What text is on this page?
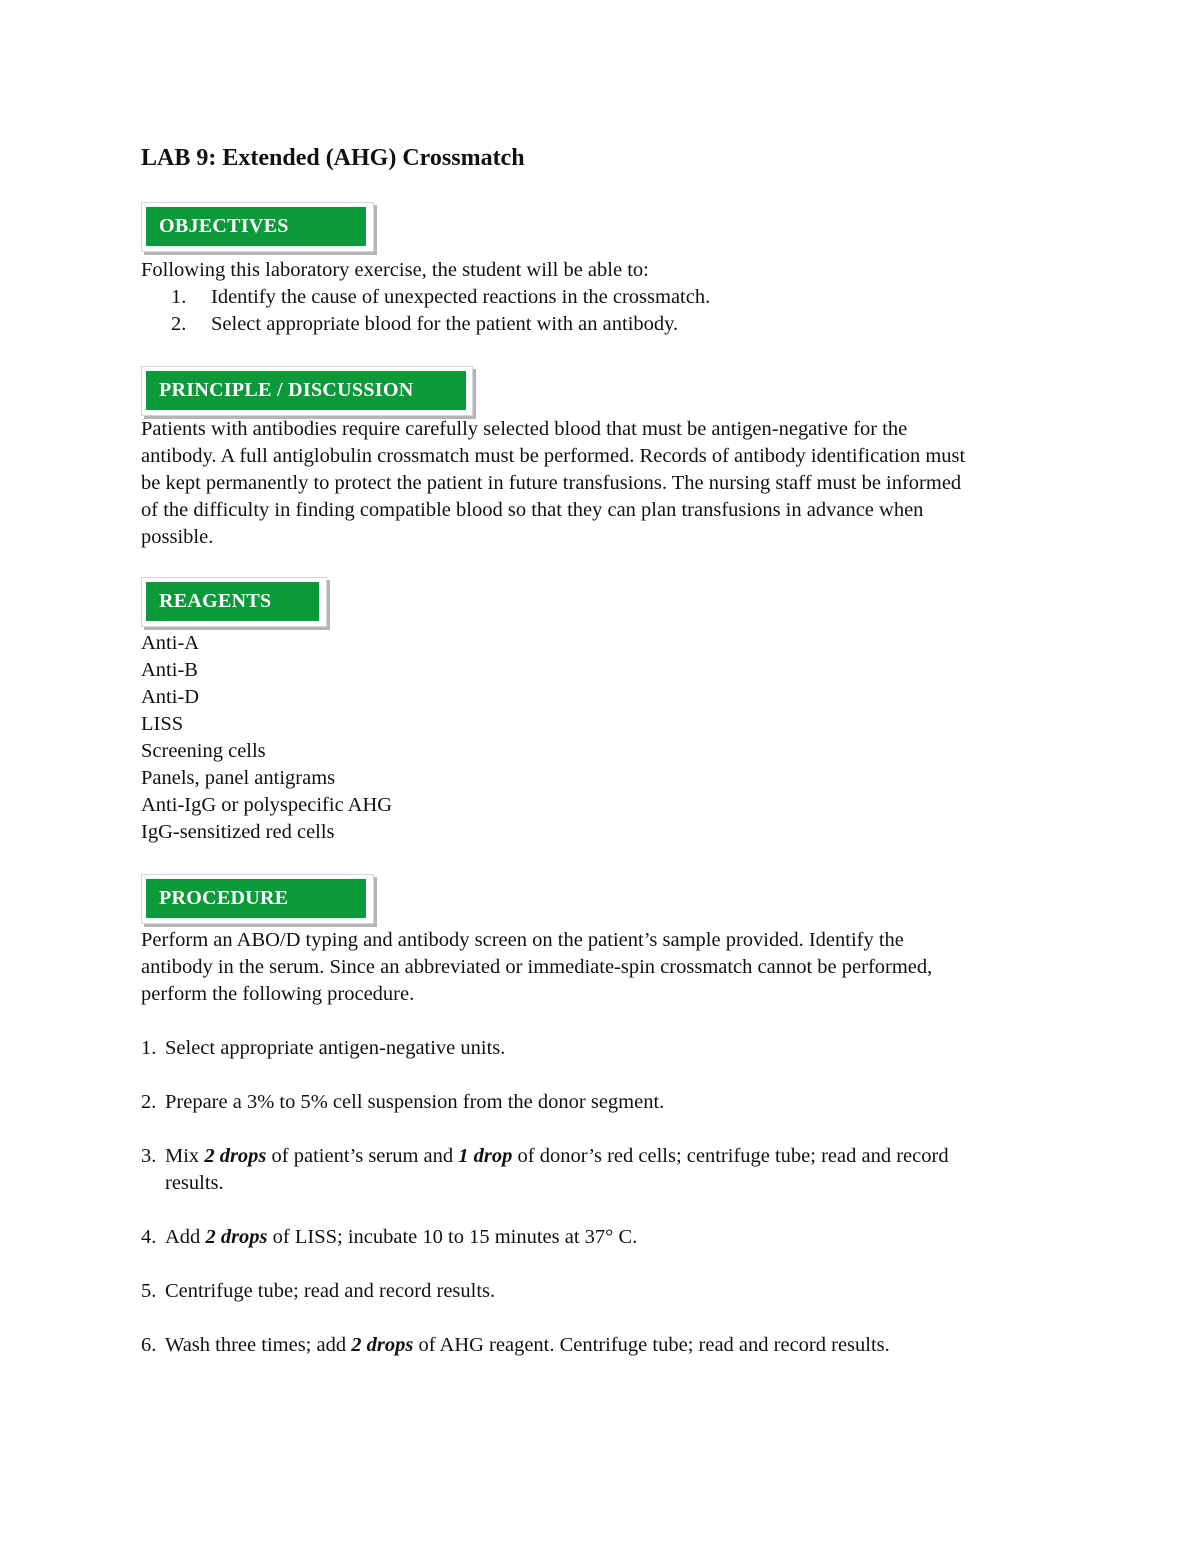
LAB 9: Extended (AHG) Crossmatch
OBJECTIVES

Following this laboratory exercise, the student will be able to:

1.	Identify the cause of unexpected reactions in the crossmatch.
2.	Select appropriate blood for the patient with an antibody.
PRINCIPLE / DISCUSSION
Patients with antibodies require carefully selected blood that must be antigen-negative for the
antibody. A full antiglobulin crossmatch must be performed. Records of antibody identification must
be kept permanently to protect the patient in future transfusions. The nursing staff must be informed
of the difficulty in finding compatible blood so that they can plan transfusions in advance when
possible.
REAGENTS
Anti-A
Anti-B
Anti-D
LISS
Screening cells
Panels, panel antigrams
Anti-IgG or polyspecific AHG
IgG-sensitized red cells
PROCEDURE
Perform an ABO/D typing and antibody screen on the patient’s sample provided. Identify the
antibody in the serum. Since an abbreviated or immediate-spin crossmatch cannot be performed,
perform the following procedure.
1. Select appropriate antigen-negative units.
2. Prepare a 3% to 5% cell suspension from the donor segment.
3. Mix 2 drops of patient’s serum and 1 drop of donor’s red cells; centrifuge tube; read and record
results.
4. Add 2 drops of LISS; incubate 10 to 15 minutes at 37° C.
5. Centrifuge tube; read and record results.
6. Wash three times; add 2 drops of AHG reagent. Centrifuge tube; read and record results.
